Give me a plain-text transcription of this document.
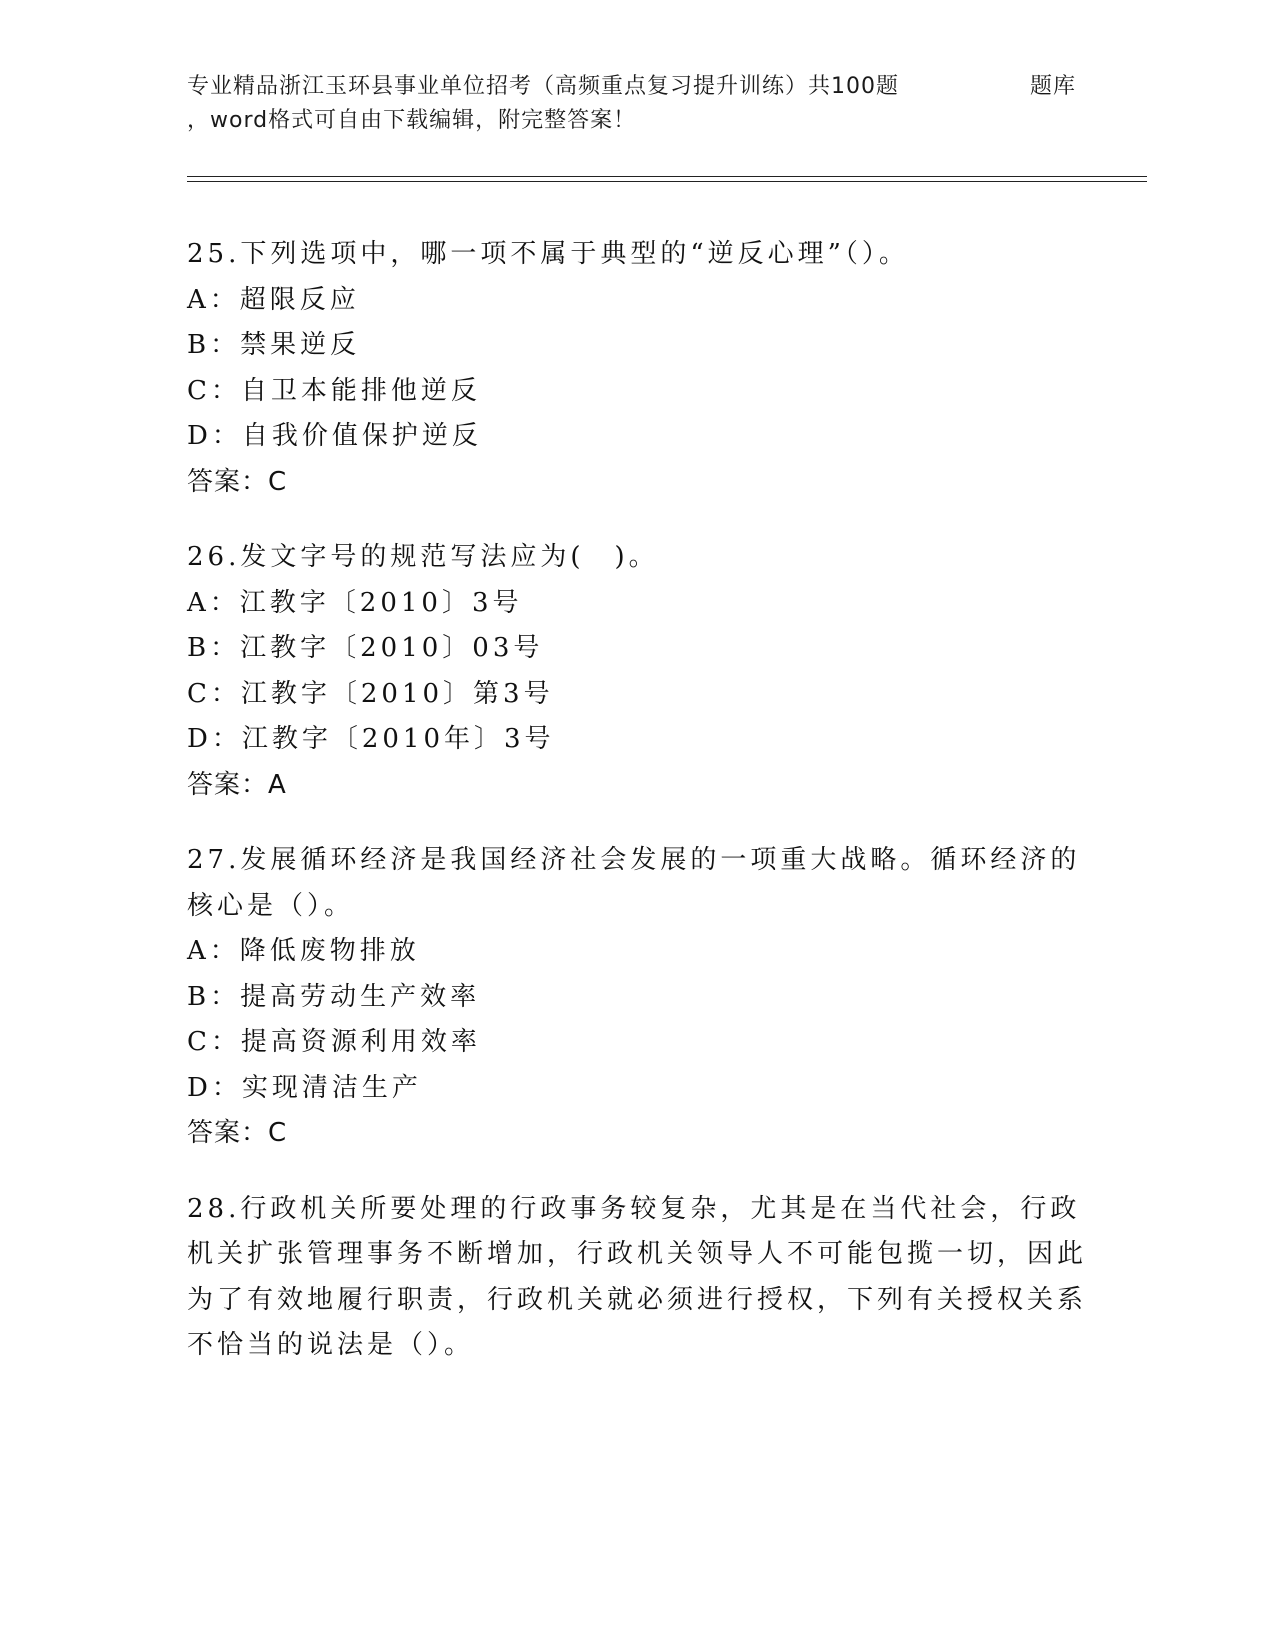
专业精品浙江玉环县事业单位招考（高频重点复习提升训练）共100题	题库
，word格式可自由下载编辑，附完整答案！

25.下列选项中，哪一项不属于典型的“逆反心理”（）。

A：超限反应

B：禁果逆反

C：自卫本能排他逆反

D：自我价值保护逆反

答案：C

26.发文字号的规范写法应为(　)。

A：江教字〔2010〕3号

B：江教字〔2010〕03号

C：江教字〔2010〕第3号

D：江教字〔2010年〕3号

答案：A

27.发展循环经济是我国经济社会发展的一项重大战略。循环经济的核心是（）。

A：降低废物排放

B：提高劳动生产效率

C：提高资源利用效率

D：实现清洁生产

答案：C

28.行政机关所要处理的行政事务较复杂，尤其是在当代社会，行政机关扩张管理事务不断增加，行政机关领导人不可能包揽一切，因此为了有效地履行职责，行政机关就必须进行授权，下列有关授权关系不恰当的说法是（）。
